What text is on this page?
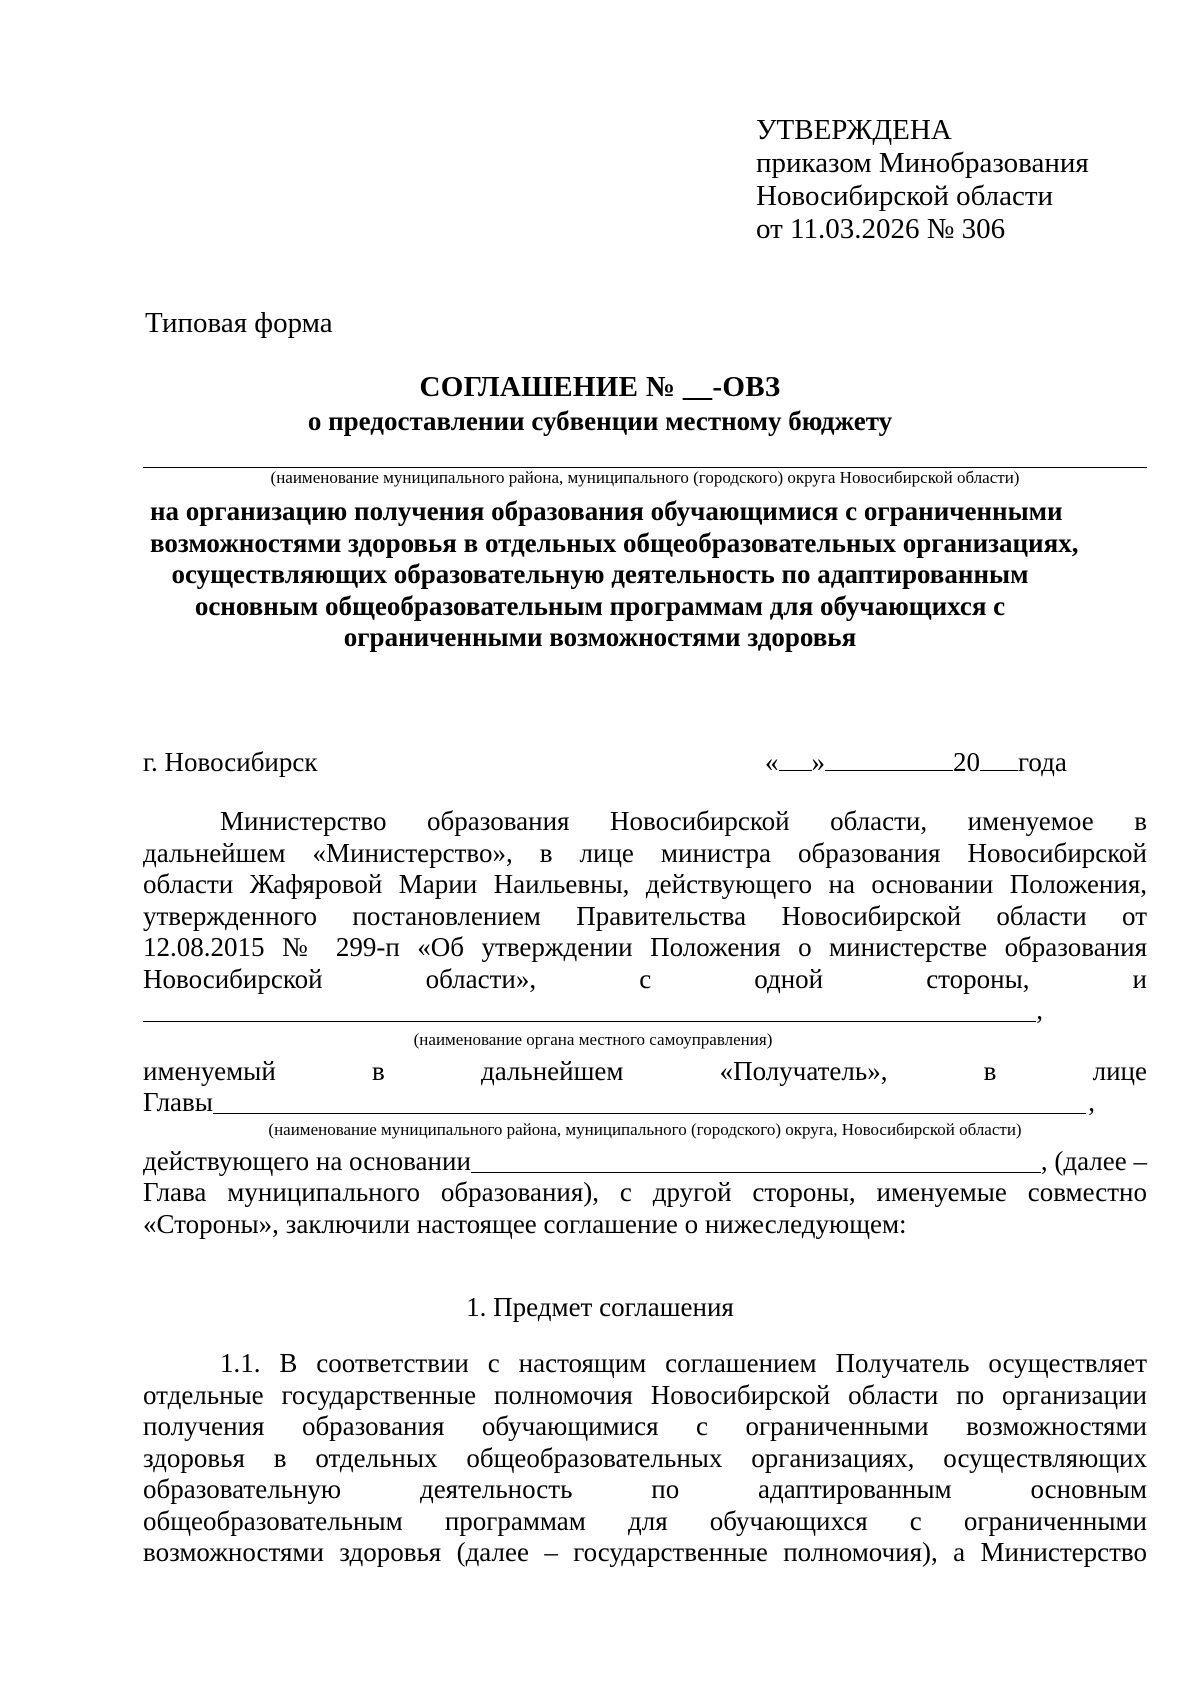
УТВЕРЖДЕНА
приказом Минобразования
Новосибирской области
от 11.03.2026 № 306
Типовая форма
СОГЛАШЕНИЕ № __-ОВЗ
о предоставлении субвенции местному бюджету
(наименование муниципального района, муниципального (городского) округа Новосибирской области)
на организацию получения образования обучающимися с ограниченными
возможностями здоровья в отдельных общеобразовательных организациях,
осуществляющих образовательную деятельность по адаптированным
основным общеобразовательным программам для обучающихся с
ограниченными возможностями здоровья
г. Новосибирск	« »	20 года
Министерство образования Новосибирской области, именуемое в
дальнейшем «Министерство», в лице министра образования Новосибирской
области Жафяровой Марии Наильевны, действующего на основании Положения,
утвержденного постановлением Правительства Новосибирской области от
12.08.2015 № 299-п «Об утверждении Положения о министерстве образования
Новосибирской области», с одной стороны, и
,
(наименование органа местного самоуправления)
именуемый в дальнейшем «Получатель», в лице
Главы	,
(наименование муниципального района, муниципального (городского) округа, Новосибирской области)
действующего на основании	, (далее –
Глава муниципального образования), с другой стороны, именуемые совместно
«Стороны», заключили настоящее соглашение о нижеследующем:
1. Предмет соглашения
1.1. В соответствии с настоящим соглашением Получатель осуществляет
отдельные государственные полномочия Новосибирской области по организации
получения образования обучающимися с ограниченными возможностями
здоровья в отдельных общеобразовательных организациях, осуществляющих
образовательную деятельность по адаптированным основным
общеобразовательным программам для обучающихся с ограниченными
возможностями здоровья (далее – государственные полномочия), а Министерство
